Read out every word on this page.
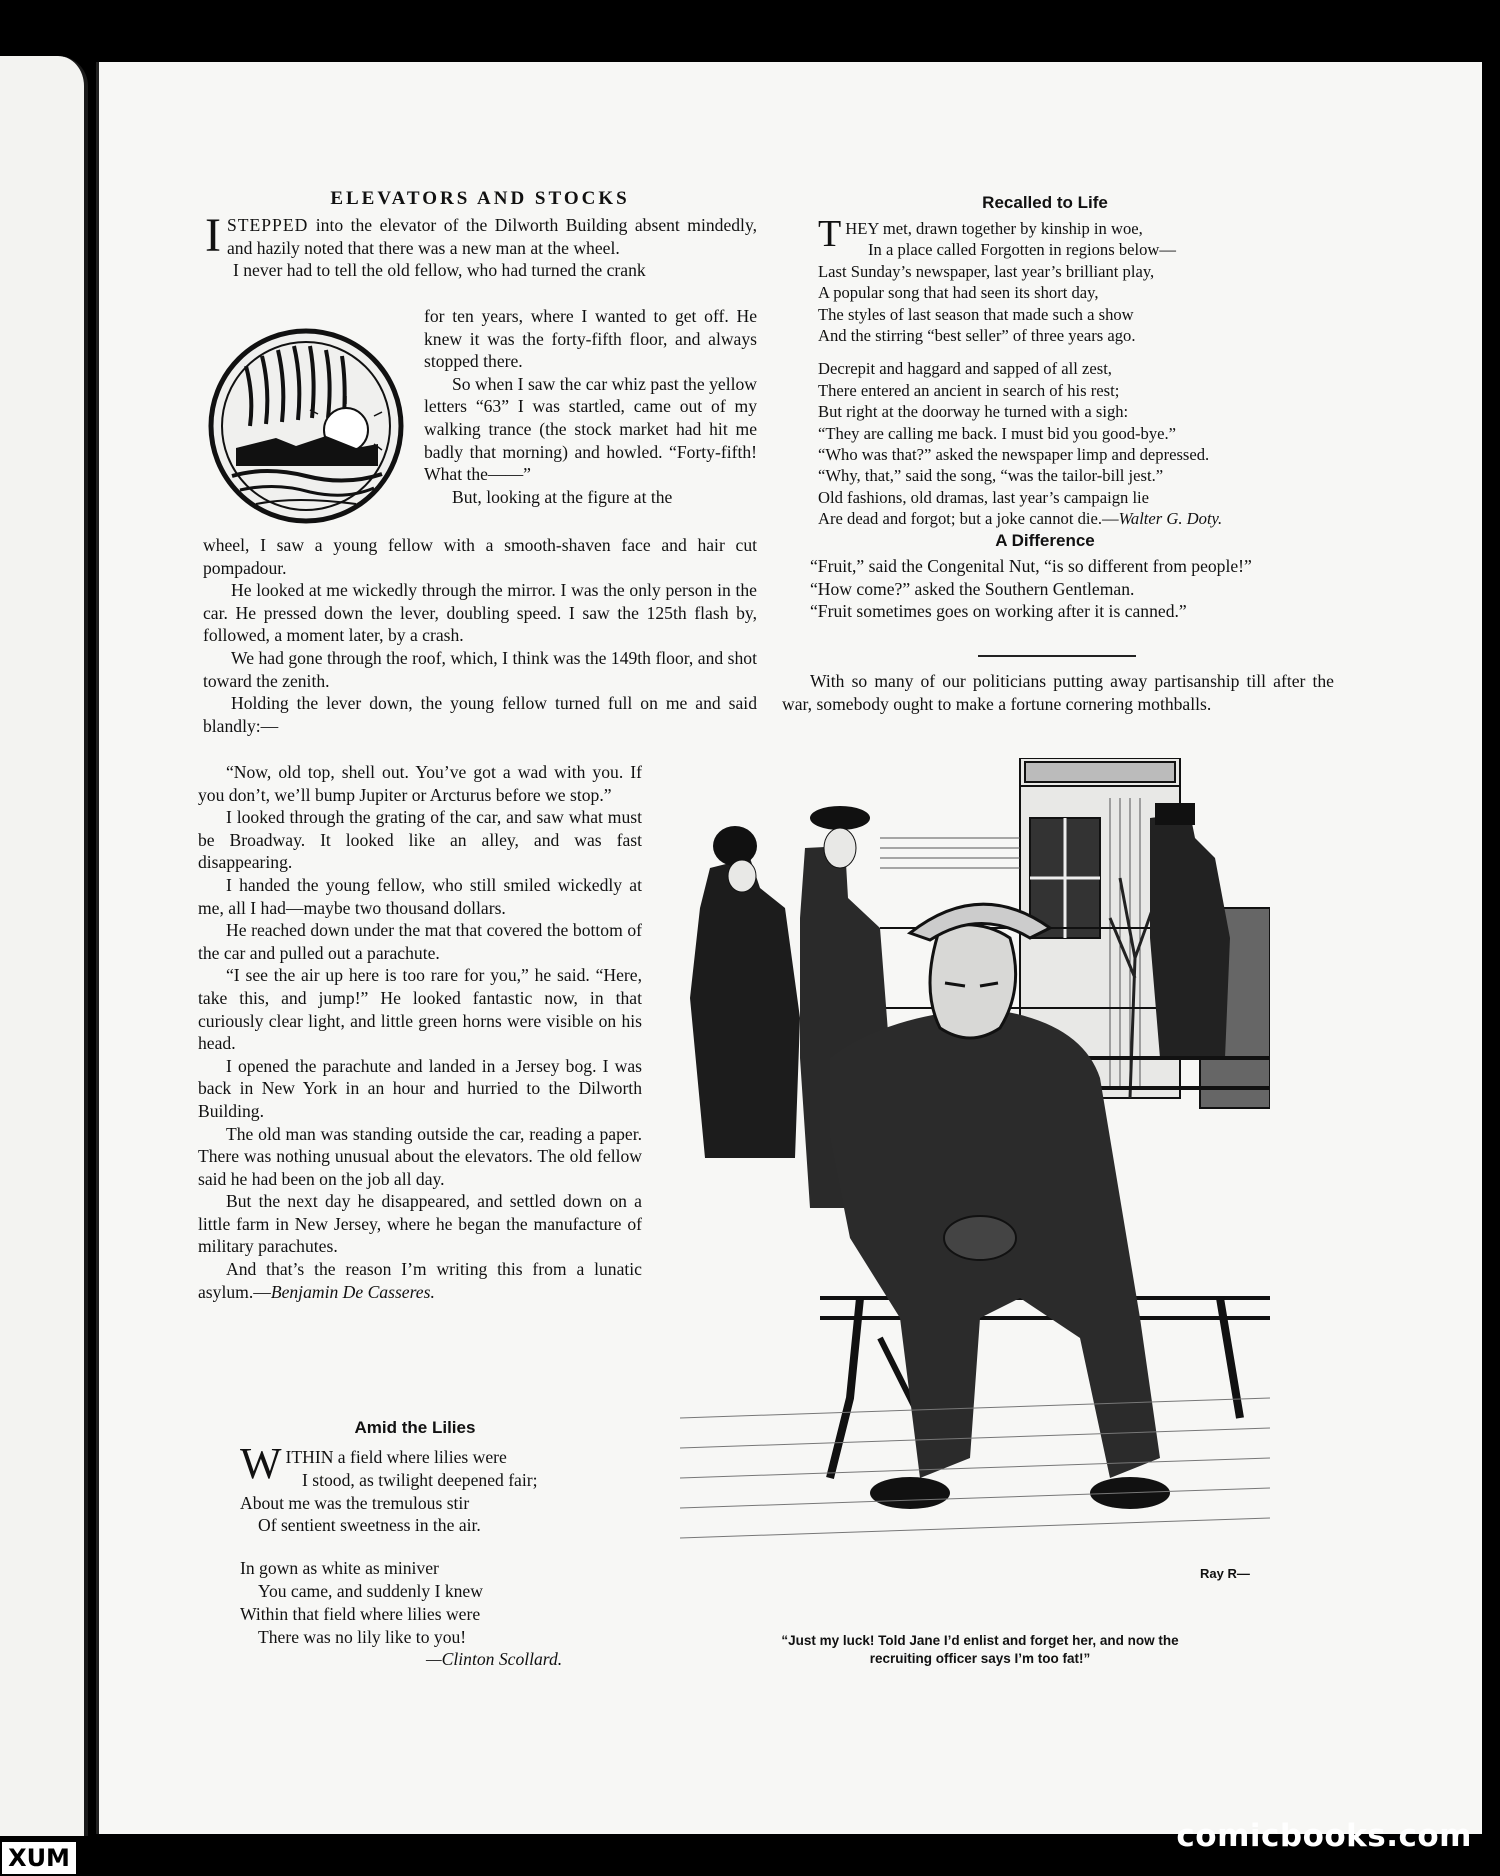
XUM
comicbooks.com
ELEVATORS AND STOCKS

ISTEPPED into the elevator of the Dilworth Building absent mindedly, and hazily noted that there was a new man at the wheel.

I never had to tell the old fellow, who had turned the crank

for ten years, where I wanted to get off. He knew it was the forty-fifth floor, and always stopped there.

So when I saw the car whiz past the yellow letters “63” I was startled, came out of my walking trance (the stock market had hit me badly that morning) and howled. “Forty-fifth! What the——”

But, looking at the figure at the

wheel, I saw a young fellow with a smooth-shaven face and hair cut pompadour.

He looked at me wickedly through the mirror. I was the only person in the car. He pressed down the lever, doubling speed. I saw the 125th flash by, followed, a moment later, by a crash.

We had gone through the roof, which, I think was the 149th floor, and shot toward the zenith.

Holding the lever down, the young fellow turned full on me and said blandly:—

“Now, old top, shell out. You’ve got a wad with you. If you don’t, we’ll bump Jupiter or Arcturus before we stop.”

I looked through the grating of the car, and saw what must be Broadway. It looked like an alley, and was fast disappearing.

I handed the young fellow, who still smiled wickedly at me, all I had—maybe two thousand dollars.

He reached down under the mat that covered the bottom of the car and pulled out a parachute.

“I see the air up here is too rare for you,” he said. “Here, take this, and jump!” He looked fantastic now, in that curiously clear light, and little green horns were visible on his head.

I opened the parachute and landed in a Jersey bog. I was back in New York in an hour and hurried to the Dilworth Building.

The old man was standing outside the car, reading a paper. There was nothing unusual about the elevators. The old fellow said he had been on the job all day.

But the next day he disappeared, and settled down on a little farm in New Jersey, where he began the manufacture of military parachutes.

And that’s the reason I’m writing this from a lunatic asylum.—Benjamin De Casseres.

Amid the Lilies
WITHIN a field where lilies were
I stood, as twilight deepened fair;
About me was the tremulous stir
Of sentient sweetness in the air.
In gown as white as miniver
You came, and suddenly I knew
Within that field where lilies were
There was no lily like to you!
—Clinton Scollard.
Recalled to Life
THEY met, drawn together by kinship in woe,
In a place called Forgotten in regions below—
Last Sunday’s newspaper, last year’s brilliant play,
A popular song that had seen its short day,
The styles of last season that made such a show
And the stirring “best seller” of three years ago.
Decrepit and haggard and sapped of all zest,
There entered an ancient in search of his rest;
But right at the doorway he turned with a sigh:
“They are calling me back. I must bid you good-bye.”
“Who was that?” asked the newspaper limp and depressed.
“Why, that,” said the song, “was the tailor-bill jest.”
Old fashions, old dramas, last year’s campaign lie
Are dead and forgot; but a joke cannot die.—Walter G. Doty.
A Difference

“Fruit,” said the Congenital Nut, “is so different from people!”

“How come?” asked the Southern Gentleman.

“Fruit sometimes goes on working after it is canned.”

With so many of our politicians putting away partisanship till after the war, somebody ought to make a fortune cornering mothballs.

Ray R—
“Just my luck! Told Jane I’d enlist and forget her, and now the
recruiting officer says I’m too fat!”
